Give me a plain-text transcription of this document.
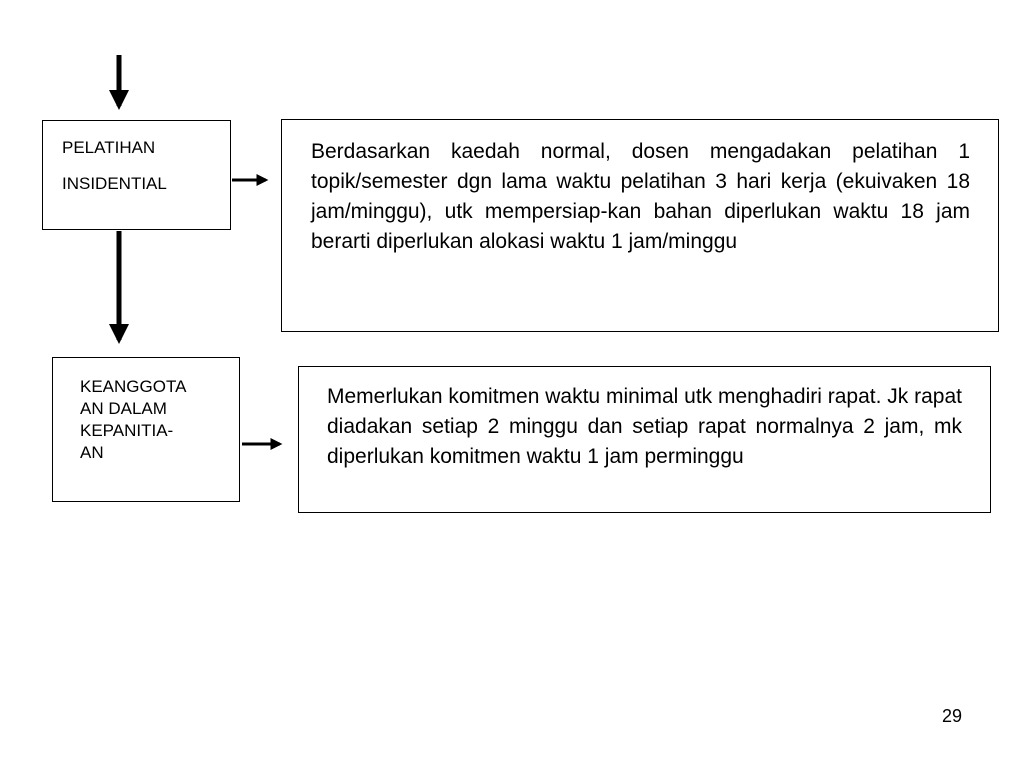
PELATIHAN
INSIDENTIAL
Berdasarkan kaedah normal, dosen mengadakan pelatihan 1 topik/semester dgn lama waktu pelatihan 3 hari kerja (ekuivaken 18 jam/minggu), utk mempersiap-kan bahan diperlukan waktu 18 jam berarti diperlukan alokasi waktu 1 jam/minggu
KEANGGOTA
AN DALAM
KEPANITIA-
AN
Memerlukan komitmen waktu minimal utk menghadiri rapat. Jk rapat diadakan setiap 2 minggu dan setiap rapat normalnya 2 jam, mk diperlukan komitmen waktu 1 jam perminggu
29
